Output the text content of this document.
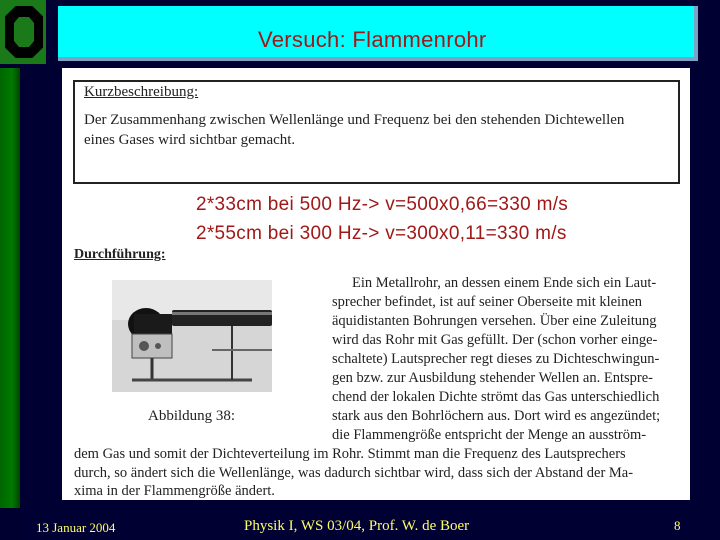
Versuch: Flammenrohr
Kurzbeschreibung:
Der Zusammenhang zwischen Wellenlänge und Frequenz bei den stehenden Dichtewellen
eines Gases wird sichtbar gemacht.
2*33cm bei 500 Hz-> v=500x0,66=330 m/s
2*55cm bei 300 Hz-> v=300x0,11=330 m/s
Durchführung:
Abbildung 38:
Ein Metallrohr, an dessen einem Ende sich ein Laut-
sprecher befindet, ist auf seiner Oberseite mit kleinen
äquidistanten Bohrungen versehen. Über eine Zuleitung
wird das Rohr mit Gas gefüllt. Der (schon vorher einge-
schaltete) Lautsprecher regt dieses zu Dichteschwingun-
gen bzw. zur Ausbildung stehender Wellen an. Entspre-
chend der lokalen Dichte strömt das Gas unterschiedlich
stark aus den Bohrlöchern aus. Dort wird es angezündet;
die Flammengröße entspricht der Menge an ausström-
dem Gas und somit der Dichteverteilung im Rohr. Stimmt man die Frequenz des Lautsprechers
durch, so ändert sich die Wellenlänge, was dadurch sichtbar wird, dass sich der Abstand der Ma-
xima in der Flammengröße ändert.
13 Januar 2004	Physik I, WS 03/04, Prof. W. de Boer	8
